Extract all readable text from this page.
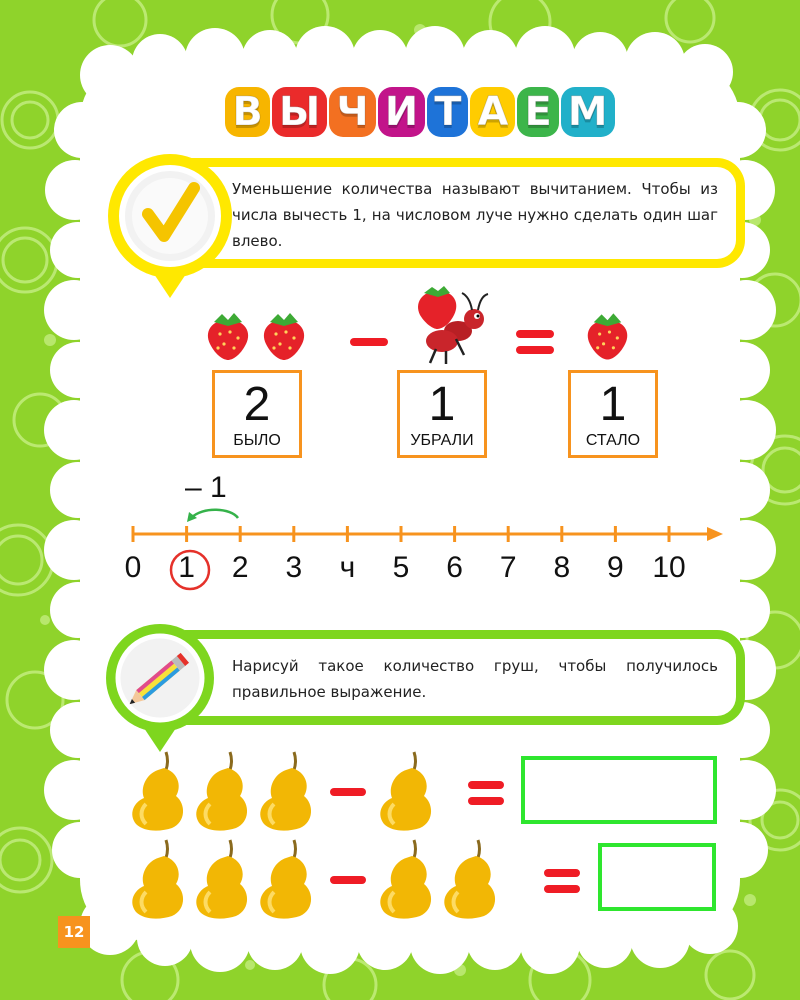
В Ы Ч И Т А Е М

Уменьшение количества называют вычитанием. Чтобы из числа вычесть 1, на числовом луче нужно сделать один шаг влево.

2
БЫЛО
1
УБРАЛИ
1
СТАЛО
– 1
0	1	2	3	ч	5	6	7	8	9 10

Нарисуй такое количество груш, чтобы получилось правильное выражение.

12
